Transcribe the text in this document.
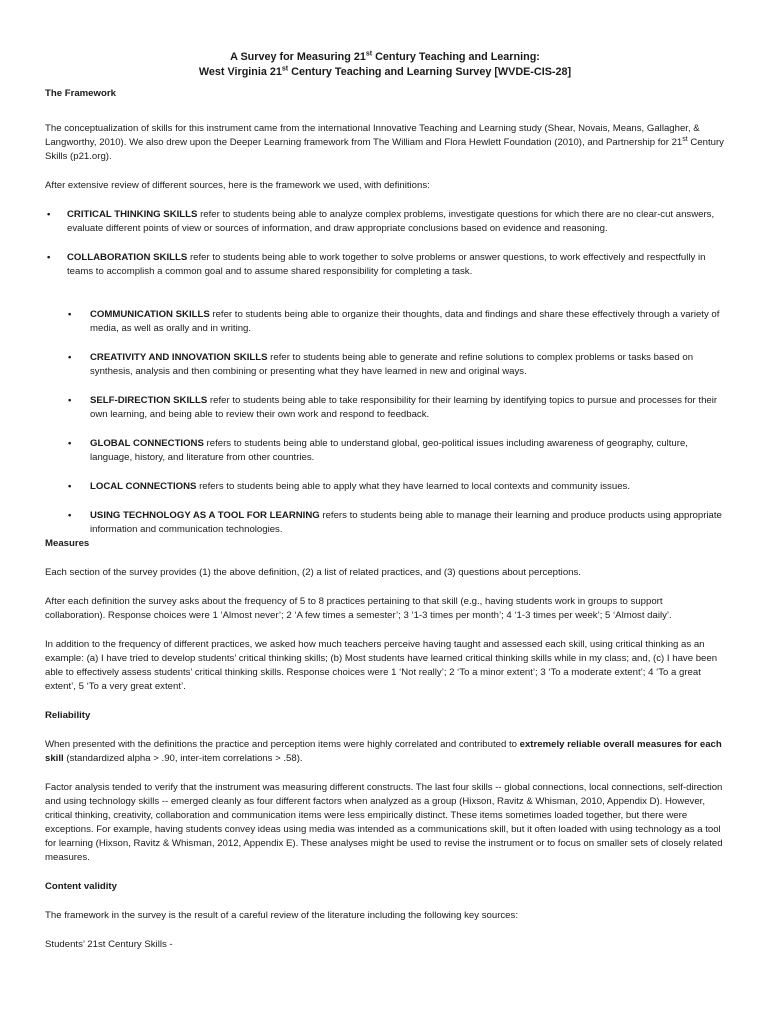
A Survey for Measuring 21st Century Teaching and Learning:
West Virginia 21st Century Teaching and Learning Survey [WVDE-CIS-28]
The Framework

The conceptualization of skills for this instrument came from the international Innovative Teaching and Learning study (Shear, Novais, Means, Gallagher, & Langworthy, 2010). We also drew upon the Deeper Learning framework from The William and Flora Hewlett Foundation (2010), and Partnership for 21st Century Skills (p21.org).

After extensive review of different sources, here is the framework we used, with definitions:

• CRITICAL THINKING SKILLS refer to students being able to analyze complex problems, investigate questions for which there are no clear-cut answers, evaluate different points of view or sources of information, and draw appropriate conclusions based on evidence and reasoning.
• COLLABORATION SKILLS refer to students being able to work together to solve problems or answer questions, to work effectively and respectfully in teams to accomplish a common goal and to assume shared responsibility for completing a task.
• COMMUNICATION SKILLS refer to students being able to organize their thoughts, data and findings and share these effectively through a variety of media, as well as orally and in writing.
• CREATIVITY AND INNOVATION SKILLS refer to students being able to generate and refine solutions to complex problems or tasks based on synthesis, analysis and then combining or presenting what they have learned in new and original ways.
• SELF-DIRECTION SKILLS refer to students being able to take responsibility for their learning by identifying topics to pursue and processes for their own learning, and being able to review their own work and respond to feedback.
• GLOBAL CONNECTIONS refers to students being able to understand global, geo-political issues including awareness of geography, culture, language, history, and literature from other countries.
• LOCAL CONNECTIONS refers to students being able to apply what they have learned to local contexts and community issues.
• USING TECHNOLOGY AS A TOOL FOR LEARNING refers to students being able to manage their learning and produce products using appropriate information and communication technologies.
Measures

Each section of the survey provides (1) the above definition, (2) a list of related practices, and (3) questions about perceptions.

After each definition the survey asks about the frequency of 5 to 8 practices pertaining to that skill (e.g., having students work in groups to support collaboration). Response choices were 1 ‘Almost never’; 2 ‘A few times a semester’; 3 ‘1-3 times per month’; 4 ‘1-3 times per week’; 5 ‘Almost daily’.

In addition to the frequency of different practices, we asked how much teachers perceive having taught and assessed each skill, using critical thinking as an example: (a) I have tried to develop students’ critical thinking skills; (b) Most students have learned critical thinking skills while in my class; and, (c) I have been able to effectively assess students’ critical thinking skills. Response choices were 1 ‘Not really’; 2 ‘To a minor extent’; 3 ‘To a moderate extent’; 4 ‘To a great extent’, 5 ‘To a very great extent’.

Reliability

When presented with the definitions the practice and perception items were highly correlated and contributed to extremely reliable overall measures for each skill (standardized alpha > .90, inter-item correlations > .58).

Factor analysis tended to verify that the instrument was measuring different constructs. The last four skills -- global connections, local connections, self-direction and using technology skills -- emerged cleanly as four different factors when analyzed as a group (Hixson, Ravitz & Whisman, 2010, Appendix D). However, critical thinking, creativity, collaboration and communication items were less empirically distinct. These items sometimes loaded together, but there were exceptions. For example, having students convey ideas using media was intended as a communications skill, but it often loaded with using technology as a tool for learning (Hixson, Ravitz & Whisman, 2012, Appendix E). These analyses might be used to revise the instrument or to focus on smaller sets of closely related measures.

Content validity

The framework in the survey is the result of a careful review of the literature including the following key sources:

Students’ 21st Century Skills -
